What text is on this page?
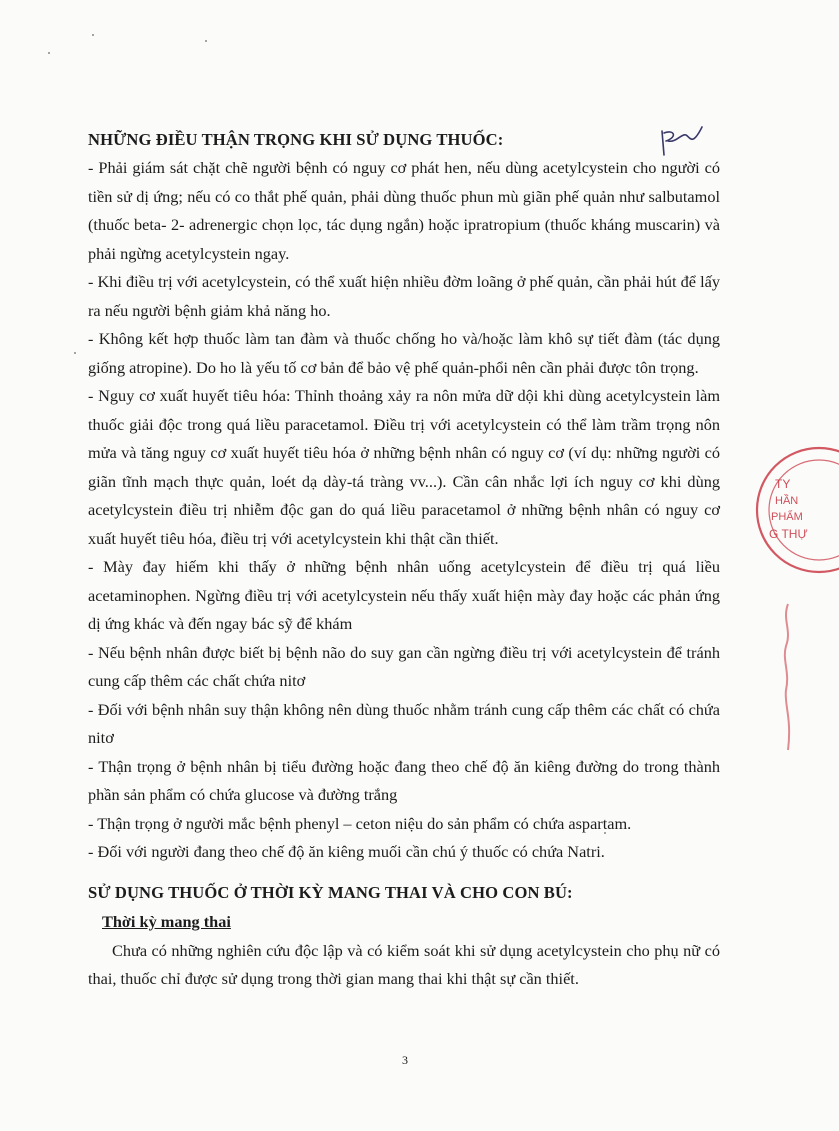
NHỮNG ĐIỀU THẬN TRỌNG KHI SỬ DỤNG THUỐC:

- Phải giám sát chặt chẽ người bệnh có nguy cơ phát hen, nếu dùng acetylcystein cho người có tiền sử dị ứng; nếu có co thắt phế quản, phải dùng thuốc phun mù giãn phế quản như salbutamol (thuốc beta- 2- adrenergic chọn lọc, tác dụng ngắn) hoặc ipratropium (thuốc kháng muscarin) và phải ngừng acetylcystein ngay.

- Khi điều trị với acetylcystein, có thể xuất hiện nhiều đờm loãng ở phế quản, cần phải hút để lấy ra nếu người bệnh giảm khả năng ho.

- Không kết hợp thuốc làm tan đàm và thuốc chống ho và/hoặc làm khô sự tiết đàm (tác dụng giống atropine). Do ho là yếu tố cơ bản để bảo vệ phế quản-phổi nên cần phải được tôn trọng.

- Nguy cơ xuất huyết tiêu hóa: Thỉnh thoảng xảy ra nôn mửa dữ dội khi dùng acetylcystein làm thuốc giải độc trong quá liều paracetamol. Điều trị với acetylcystein có thể làm trầm trọng nôn mửa và tăng nguy cơ xuất huyết tiêu hóa ở những bệnh nhân có nguy cơ (ví dụ: những người có giãn tĩnh mạch thực quản, loét dạ dày-tá tràng vv...). Cần cân nhắc lợi ích nguy cơ khi dùng acetylcystein điều trị nhiễm độc gan do quá liều paracetamol ở những bệnh nhân có nguy cơ xuất huyết tiêu hóa, điều trị với acetylcystein khi thật cần thiết.

- Mày đay hiếm khi thấy ở những bệnh nhân uống acetylcystein để điều trị quá liều acetaminophen. Ngừng điều trị với acetylcystein nếu thấy xuất hiện mày đay hoặc các phản ứng dị ứng khác và đến ngay bác sỹ để khám

- Nếu bệnh nhân được biết bị bệnh não do suy gan cần ngừng điều trị với acetylcystein để tránh cung cấp thêm các chất chứa nitơ

- Đối với bệnh nhân suy thận không nên dùng thuốc nhằm tránh cung cấp thêm các chất có chứa nitơ

- Thận trọng ở bệnh nhân bị tiểu đường hoặc đang theo chế độ ăn kiêng đường do trong thành phần sản phẩm có chứa glucose và đường trắng

- Thận trọng ở người mắc bệnh phenyl – ceton niệu do sản phẩm có chứa aspartam.

- Đối với người đang theo chế độ ăn kiêng muối cần chú ý thuốc có chứa Natri.

SỬ DỤNG THUỐC Ở THỜI KỲ MANG THAI VÀ CHO CON BÚ:

Thời kỳ mang thai

Chưa có những nghiên cứu độc lập và có kiểm soát khi sử dụng acetylcystein cho phụ nữ có thai, thuốc chỉ được sử dụng trong thời gian mang thai khi thật sự cần thiết.

3
TY
HẦN
PHẨM
G THỰ
